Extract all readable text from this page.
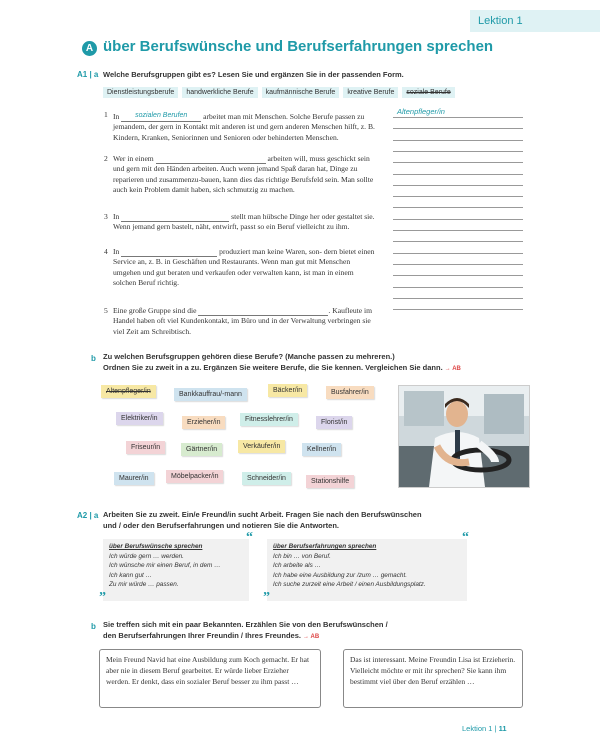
Lektion 1
A über Berufswünsche und Berufserfahrungen sprechen
A1 | a Welche Berufsgruppen gibt es? Lesen Sie und ergänzen Sie in der passenden Form.
Dienstleistungsberufe	handwerkliche Berufe	kaufmännische Berufe	kreative Berufe	soziale Berufe
1 In sozialen Berufen arbeitet man mit Menschen. Solche Berufe passen zu jemandem, der gern in Kontakt mit anderen ist und gern anderen Menschen hilft, z. B. Kindern, Kranken, Seniorinnen und Senioren oder behinderten Menschen.
2 Wer in einem	arbeiten will, muss geschickt sein und gern mit den Händen arbeiten. Auch wenn jemand Spaß daran hat, Dinge zu reparieren und zusammenzu-bauen, kann dies das richtige Berufsfeld sein. Man sollte auch kein Problem damit haben, sich schmutzig zu machen.
3 In	stellt man hübsche Dinge her oder gestaltet sie. Wenn jemand gern bastelt, näht, entwirft, passt so ein Beruf vielleicht zu ihm.
4 In	produziert man keine Waren, son- dern bietet einen Service an, z. B. in Geschäften und Restaurants. Wenn man gut mit Menschen umgehen und gut beraten und verkaufen oder verwalten kann, ist man in einem solchen Beruf richtig.
5 Eine große Gruppe sind die	. Kaufleute im Handel haben oft viel Kundenkontakt, im Büro und in der Verwaltung verbringen sie viel Zeit am Schreibtisch.
Altenpfleger/in
b Zu welchen Berufsgruppen gehören diese Berufe? (Manche passen zu mehreren.)
Ordnen Sie zu zweit in a zu. Ergänzen Sie weitere Berufe, die Sie kennen. Vergleichen Sie dann. → AB
Altenpfleger/in	Bankkauffrau/-mann
Bäcker/in	Busfahrer/in
Elektriker/in
Erzieher/in	Fitnesslehrer/in	Florist/in
Friseur/in	Gärtner/in	Verkäufer/in	Kellner/in
Maurer/in	Möbelpacker/in	Schneider/in	Stationshilfe
A2 | a Arbeiten Sie zu zweit. Ein/e Freund/in sucht Arbeit. Fragen Sie nach den Berufswünschen
und / oder den Berufserfahrungen und notieren Sie die Antworten.
über Berufswünsche sprechen
Ich würde gern … werden.
Ich wünsche mir einen Beruf, in dem …
Ich kann gut …
Zu mir würde … passen.
“
”
über Berufserfahrungen sprechen
Ich bin … von Beruf.
Ich arbeite als …
Ich habe eine Ausbildung zur /zum … gemacht.
Ich suche zurzeit eine Arbeit / einen Ausbildungsplatz.
“
”
b Sie treffen sich mit ein paar Bekannten. Erzählen Sie von den Berufswünschen /
den Berufserfahrungen Ihrer Freundin / Ihres Freundes. → AB
Mein Freund Navid hat eine Ausbildung zum Koch gemacht. Er hat aber nie in diesem Beruf gearbeitet. Er würde lieber Erzieher werden. Er denkt, dass ein sozialer Beruf besser zu ihm passt …
Das ist interessant. Meine Freundin Lisa ist Erzieherin. Vielleicht möchte er mit ihr sprechen? Sie kann ihm bestimmt viel über den Beruf erzählen …
Lektion 1 | 11
